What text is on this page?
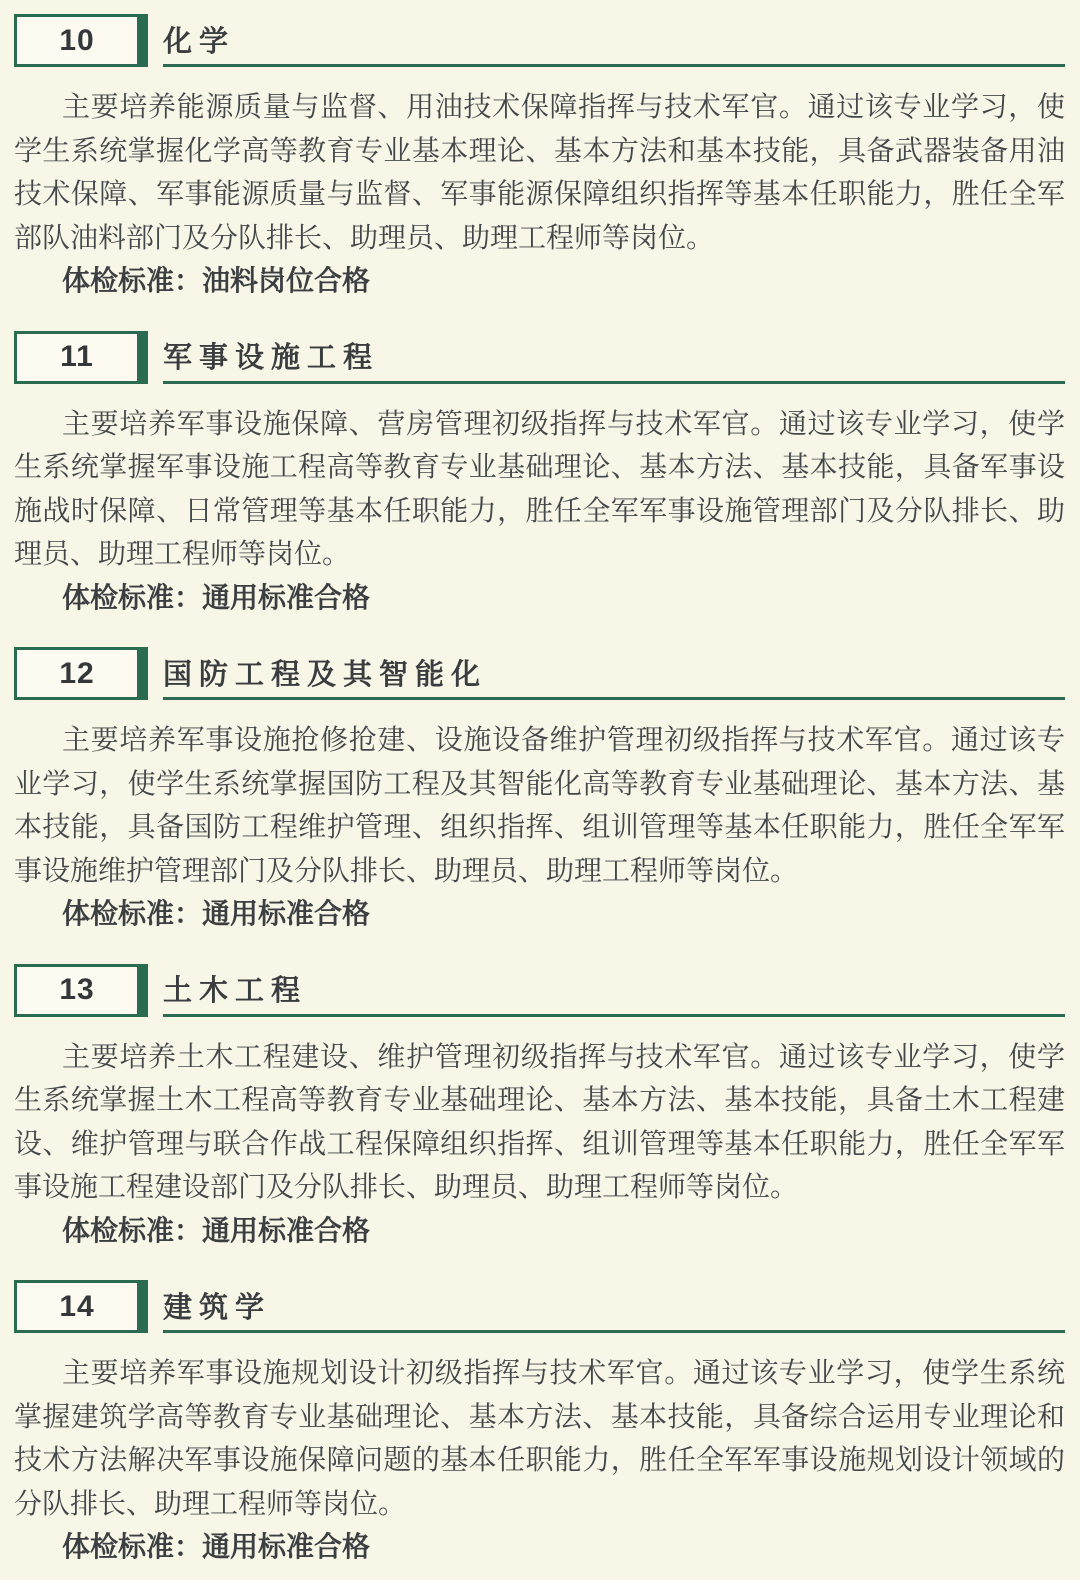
10 化学

主要培养能源质量与监督、用油技术保障指挥与技术军官。通过该专业学习，使学生系统掌握化学高等教育专业基本理论、基本方法和基本技能，具备武器装备用油技术保障、军事能源质量与监督、军事能源保障组织指挥等基本任职能力，胜任全军部队油料部门及分队排长、助理员、助理工程师等岗位。

体检标准：油料岗位合格

11 军事设施工程

主要培养军事设施保障、营房管理初级指挥与技术军官。通过该专业学习，使学生系统掌握军事设施工程高等教育专业基础理论、基本方法、基本技能，具备军事设施战时保障、日常管理等基本任职能力，胜任全军军事设施管理部门及分队排长、助理员、助理工程师等岗位。

体检标准：通用标准合格

12 国防工程及其智能化

主要培养军事设施抢修抢建、设施设备维护管理初级指挥与技术军官。通过该专业学习，使学生系统掌握国防工程及其智能化高等教育专业基础理论、基本方法、基本技能，具备国防工程维护管理、组织指挥、组训管理等基本任职能力，胜任全军军事设施维护管理部门及分队排长、助理员、助理工程师等岗位。

体检标准：通用标准合格

13 土木工程

主要培养土木工程建设、维护管理初级指挥与技术军官。通过该专业学习，使学生系统掌握土木工程高等教育专业基础理论、基本方法、基本技能，具备土木工程建设、维护管理与联合作战工程保障组织指挥、组训管理等基本任职能力，胜任全军军事设施工程建设部门及分队排长、助理员、助理工程师等岗位。

体检标准：通用标准合格

14 建筑学

主要培养军事设施规划设计初级指挥与技术军官。通过该专业学习，使学生系统掌握建筑学高等教育专业基础理论、基本方法、基本技能，具备综合运用专业理论和技术方法解决军事设施保障问题的基本任职能力，胜任全军军事设施规划设计领域的分队排长、助理工程师等岗位。

体检标准：通用标准合格
